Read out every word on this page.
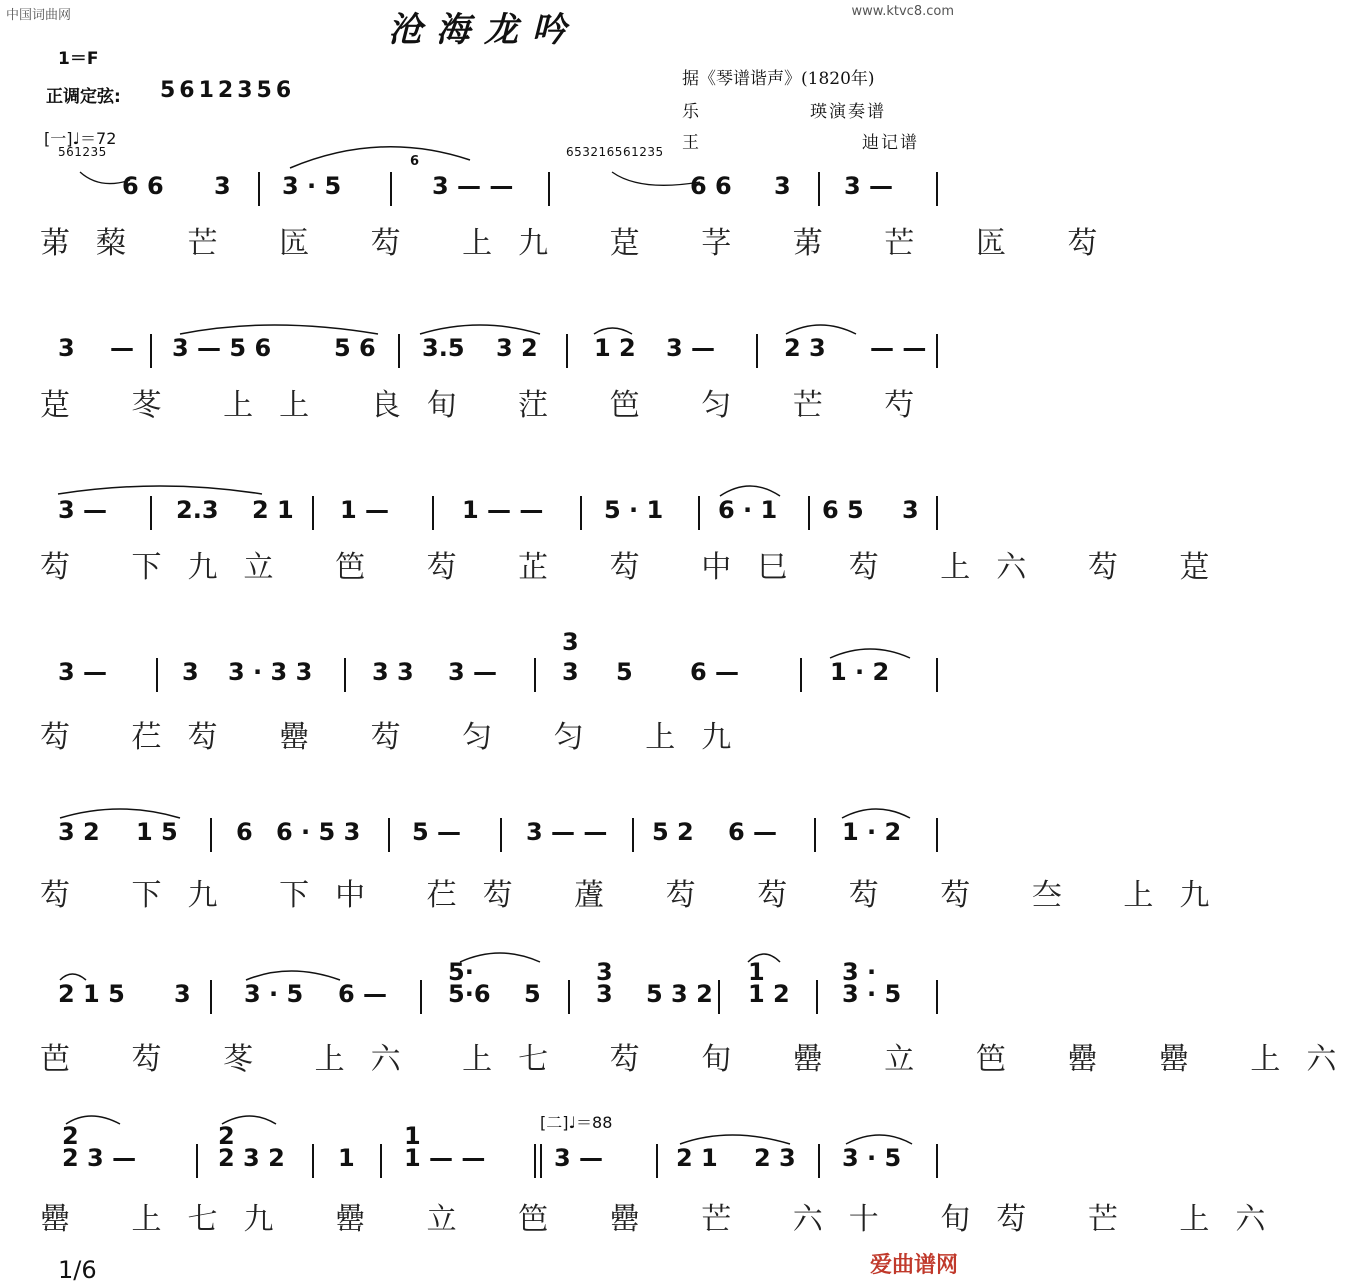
中国词曲网	www.ktvc8.com
沧海龙吟
1＝F
正调定弦: 5612356	据《琴谱谐声》(1820年)
乐	瑛演奏谱
王	迪记谱
[一]♩＝72
561235	653216561235
6 6 3 3 · 5
6
3 — —	6 6 3 3 —
苐蔾 芒 匟 芶 上九 莡 芓 苐 芒 匟 芶
3 — 3 — 5 6	5 6 3.5 3 2 1 2 3 —	2 3 — —
莡 苳 上上 良旬 茳 笆 匀 芒 芍
3 —	2.3 2 1 1 —	1 — —	5 · 1 6 · 1 6 5 3
芶 下九立 笆 芶 芷 芶 中巳 芶 上六 芶 莡
3 —	3 3 · 3 3 3 3 3 —
3
3 5 6 —	1 · 2
芶 芢芶 罍 芶 匀 匀 上九
3 2 1 5 6 6 · 5 3 5 —	3 — — 5 2 6 —	1 · 2
芶 下九 下中 芢芶 蔖 芶 芶 芶 芶 夳 上九
2 1 5 3 3 · 5 6 —
5·
5·6 5
3
3 5 3 2
1
1 2
3 ·
3 · 5
芭 芶 苳 上六 上七 芶 旬 罍 立 笆 罍 罍 上六
[二]♩＝88
2
2 3 —
2
2 3 2 1
1
1 — —	3 —	2 1 2 3 3 · 5
罍 上七九 罍 立 笆 罍 芒 六十 旬芶 芒 上六
1/6	爱曲谱网
